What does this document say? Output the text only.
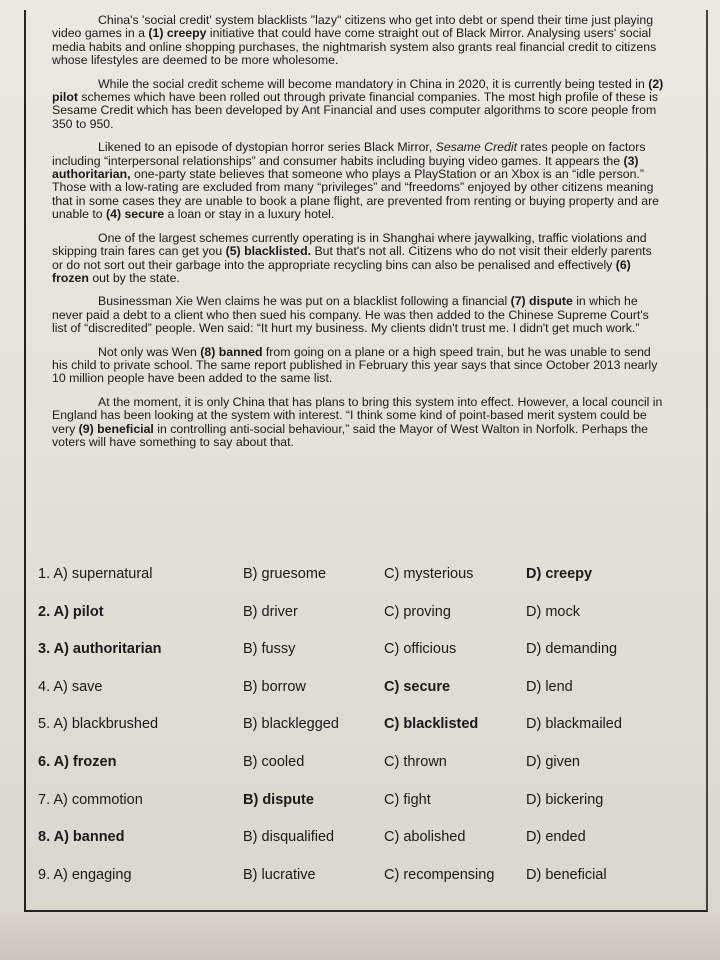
China's 'social credit' system blacklists "lazy" citizens who get into debt or spend their time just playing video games in a (1) creepy initiative that could have come straight out of Black Mirror. Analysing users' social media habits and online shopping purchases, the nightmarish system also grants real financial credit to citizens whose lifestyles are deemed to be more wholesome.

While the social credit scheme will become mandatory in China in 2020, it is currently being tested in (2) pilot schemes which have been rolled out through private financial companies. The most high profile of these is Sesame Credit which has been developed by Ant Financial and uses computer algorithms to score people from 350 to 950.

Likened to an episode of dystopian horror series Black Mirror, Sesame Credit rates people on factors including “interpersonal relationships” and consumer habits including buying video games. It appears the (3) authoritarian, one-party state believes that someone who plays a PlayStation or an Xbox is an “idle person.” Those with a low-rating are excluded from many “privileges” and “freedoms” enjoyed by other citizens meaning that in some cases they are unable to book a plane flight, are prevented from renting or buying property and are unable to (4) secure a loan or stay in a luxury hotel.

One of the largest schemes currently operating is in Shanghai where jaywalking, traffic violations and skipping train fares can get you (5) blacklisted. But that's not all. Citizens who do not visit their elderly parents or do not sort out their garbage into the appropriate recycling bins can also be penalised and effectively (6) frozen out by the state.

Businessman Xie Wen claims he was put on a blacklist following a financial (7) dispute in which he never paid a debt to a client who then sued his company. He was then added to the Chinese Supreme Court's list of “discredited” people. Wen said: “It hurt my business. My clients didn't trust me. I didn't get much work.”

Not only was Wen (8) banned from going on a plane or a high speed train, but he was unable to send his child to private school. The same report published in February this year says that since October 2013 nearly 10 million people have been added to the same list.

At the moment, it is only China that has plans to bring this system into effect. However, a local council in England has been looking at the system with interest. “I think some kind of point-based merit system could be very (9) beneficial in controlling anti-social behaviour,” said the Mayor of West Walton in Norfolk. Perhaps the voters will have something to say about that.

1. A) supernatural	B) gruesome	C) mysterious	D) creepy
2. A) pilot	B) driver	C) proving	D) mock
3. A) authoritarian	B) fussy	C) officious	D) demanding
4. A) save	B) borrow	C) secure	D) lend
5. A) blackbrushed	B) blacklegged	C) blacklisted	D) blackmailed
6. A) frozen	B) cooled	C) thrown	D) given
7. A) commotion	B) dispute	C) fight	D) bickering
8. A) banned	B) disqualified	C) abolished	D) ended
9. A) engaging	B) lucrative	C) recompensing D) beneficial
